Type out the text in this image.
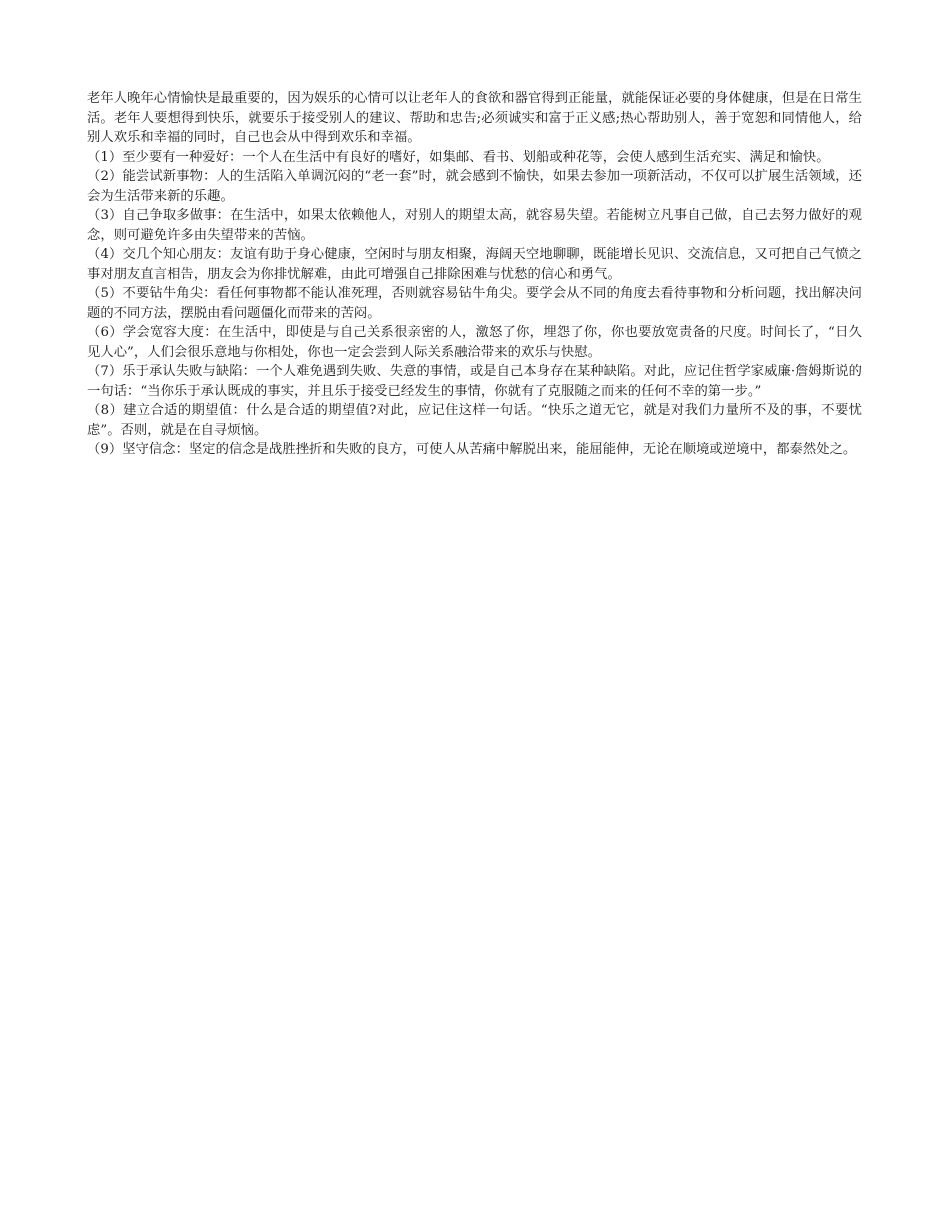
老年人晚年心情愉快是最重要的，因为娱乐的心情可以让老年人的食欲和器官得到正能量，就能保证必要的身体健康，但是在日常生活。老年人要想得到快乐，就要乐于接受别人的建议、帮助和忠告;必须诚实和富于正义感;热心帮助别人，善于宽恕和同情他人，给别人欢乐和幸福的同时，自己也会从中得到欢乐和幸福。

（1）至少要有一种爱好：一个人在生活中有良好的嗜好，如集邮、看书、划船或种花等，会使人感到生活充实、满足和愉快。

（2）能尝试新事物：人的生活陷入单调沉闷的“老一套”时，就会感到不愉快，如果去参加一项新活动，不仅可以扩展生活领域，还会为生活带来新的乐趣。

（3）自己争取多做事：在生活中，如果太依赖他人，对别人的期望太高，就容易失望。若能树立凡事自己做，自己去努力做好的观念，则可避免许多由失望带来的苦恼。

（4）交几个知心朋友：友谊有助于身心健康，空闲时与朋友相聚，海阔天空地聊聊，既能增长见识、交流信息，又可把自己气愤之事对朋友直言相告，朋友会为你排忧解难，由此可增强自己排除困难与忧愁的信心和勇气。

（5）不要钻牛角尖：看任何事物都不能认准死理，否则就容易钻牛角尖。要学会从不同的角度去看待事物和分析问题，找出解决问题的不同方法，摆脱由看问题僵化而带来的苦闷。

（6）学会宽容大度：在生活中，即使是与自己关系很亲密的人，激怒了你，埋怨了你，你也要放宽责备的尺度。时间长了，“日久见人心”，人们会很乐意地与你相处，你也一定会尝到人际关系融洽带来的欢乐与快慰。

（7）乐于承认失败与缺陷：一个人难免遇到失败、失意的事情，或是自己本身存在某种缺陷。对此，应记住哲学家威廉·詹姆斯说的一句话：“当你乐于承认既成的事实，并且乐于接受已经发生的事情，你就有了克服随之而来的任何不幸的第一步。”

（8）建立合适的期望值：什么是合适的期望值?对此，应记住这样一句话。“快乐之道无它，就是对我们力量所不及的事，不要忧虑”。否则，就是在自寻烦恼。

（9）坚守信念：坚定的信念是战胜挫折和失败的良方，可使人从苦痛中解脱出来，能屈能伸，无论在顺境或逆境中，都泰然处之。
